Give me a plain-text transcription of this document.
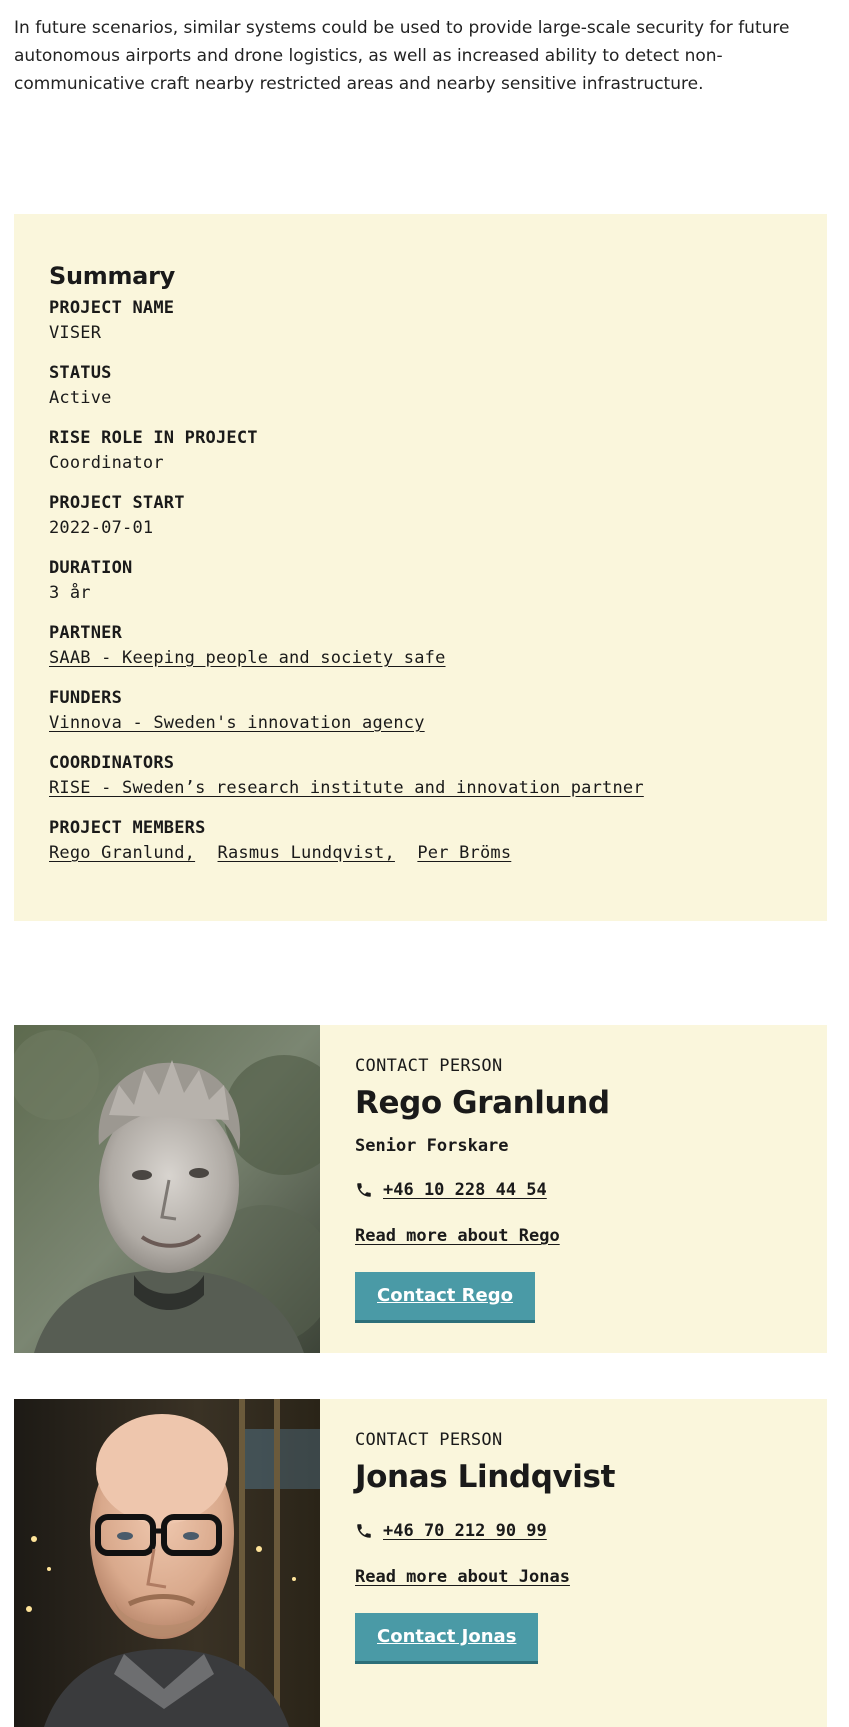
In future scenarios, similar systems could be used to provide large-scale security for future autonomous airports and drone logistics, as well as increased ability to detect non-communicative craft nearby restricted areas and nearby sensitive infrastructure.

Summary
PROJECT NAME
VISER
STATUS
Active
RISE ROLE IN PROJECT
Coordinator
PROJECT START
2022-07-01
DURATION
3 år
PARTNER
SAAB - Keeping people and society safe
FUNDERS
Vinnova - Sweden's innovation agency
COORDINATORS
RISE - Sweden’s research institute and innovation partner
PROJECT MEMBERS
Rego Granlund, Rasmus Lundqvist, Per Bröms
CONTACT PERSON
Rego Granlund
Senior Forskare
+46 10 228 44 54
Read more about Rego
Contact Rego
CONTACT PERSON
Jonas Lindqvist
+46 70 212 90 99
Read more about Jonas
Contact Jonas
